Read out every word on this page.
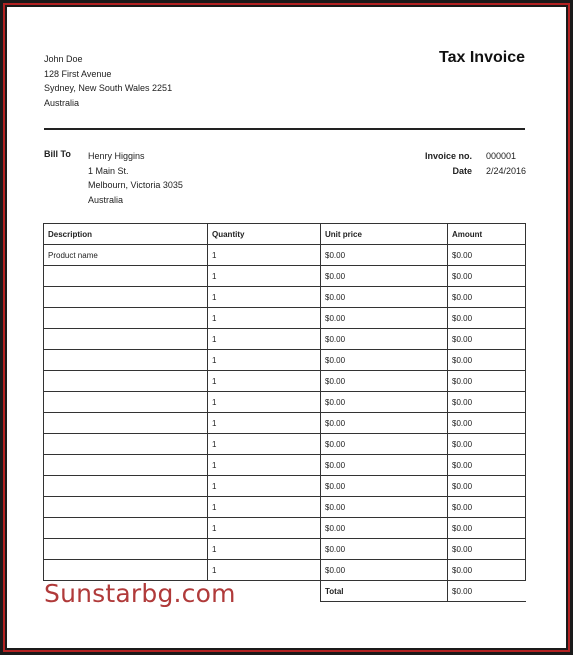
John Doe
128 First Avenue
Sydney, New South Wales 2251
Australia
Tax Invoice
Bill To Henry Higgins
1 Main St.
Melbourn, Victoria 3035
Australia
Invoice no.
Date
000001
2/24/2016
Description	Quantity	Unit price	Amount
Product name	1	$0.00	$0.00
	1	$0.00	$0.00
	1	$0.00	$0.00
	1	$0.00	$0.00
	1	$0.00	$0.00
	1	$0.00	$0.00
	1	$0.00	$0.00
	1	$0.00	$0.00
	1	$0.00	$0.00
	1	$0.00	$0.00
	1	$0.00	$0.00
	1	$0.00	$0.00
	1	$0.00	$0.00
	1	$0.00	$0.00
	1	$0.00	$0.00
	1	$0.00	$0.00
		Total	$0.00
Sunstarbg.com
